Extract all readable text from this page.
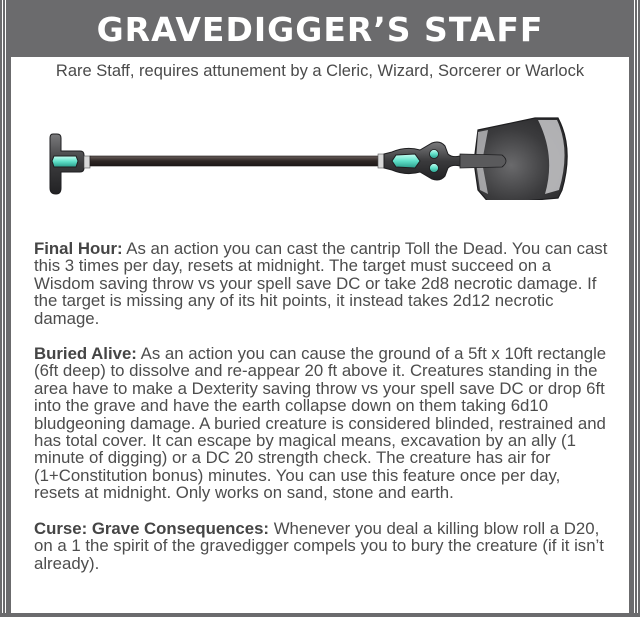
GRAVEDIGGER’S STAFF
Rare Staff, requires attunement by a Cleric, Wizard, Sorcerer or Warlock

Final Hour: As an action you can cast the cantrip Toll the Dead. You can cast this 3 times per day, resets at midnight. The target must succeed on a Wisdom saving throw vs your spell save DC or take 2d8 necrotic damage. If the target is missing any of its hit points, it instead takes 2d12 necrotic damage.

Buried Alive: As an action you can cause the ground of a 5ft x 10ft rectangle (6ft deep) to dissolve and re-appear 20 ft above it. Creatures standing in the area have to make a Dexterity saving throw vs your spell save DC or drop 6ft into the grave and have the earth collapse down on them taking 6d10 bludgeoning damage. A buried creature is considered blinded, restrained and has total cover. It can escape by magical means, excavation by an ally (1 minute of digging) or a DC 20 strength check. The creature has air for (1+Constitution bonus) minutes. You can use this feature once per day, resets at midnight. Only works on sand, stone and earth.

Curse: Grave Consequences: Whenever you deal a killing blow roll a D20, on a 1 the spirit of the gravedigger compels you to bury the creature (if it isn’t already).
